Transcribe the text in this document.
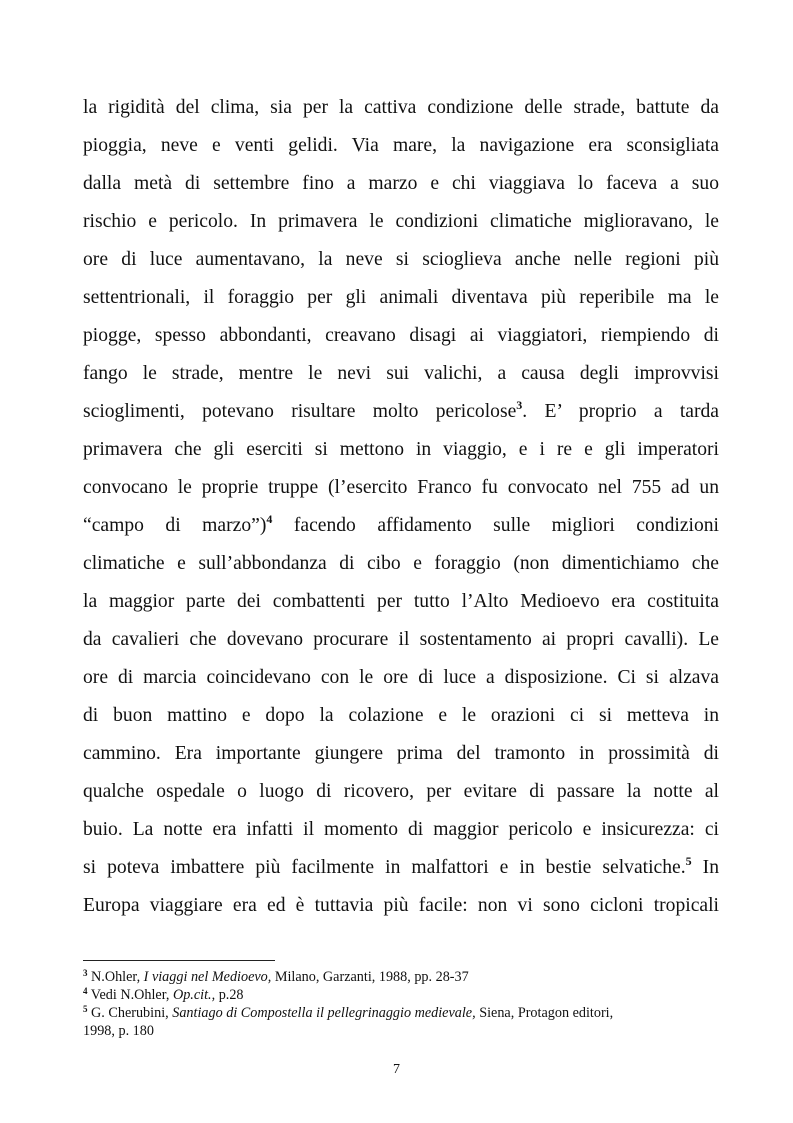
la rigidità del clima, sia per la cattiva condizione delle strade, battute da
pioggia, neve e venti gelidi. Via mare, la navigazione era sconsigliata
dalla metà di settembre fino a marzo e chi viaggiava lo faceva a suo
rischio e pericolo. In primavera le condizioni climatiche miglioravano, le
ore di luce aumentavano, la neve si scioglieva anche nelle regioni più
settentrionali, il foraggio per gli animali diventava più reperibile ma le
piogge, spesso abbondanti, creavano disagi ai viaggiatori, riempiendo di
fango le strade, mentre le nevi sui valichi, a causa degli improvvisi
scioglimenti, potevano risultare molto pericolose$^3$. E’ proprio a tarda
primavera che gli eserciti si mettono in viaggio, e i re e gli imperatori
convocano le proprie truppe (l’esercito Franco fu convocato nel 755 ad un
“campo di marzo”)$^4$ facendo affidamento sulle migliori condizioni
climatiche e sull’abbondanza di cibo e foraggio (non dimentichiamo che
la maggior parte dei combattenti per tutto l’Alto Medioevo era costituita
da cavalieri che dovevano procurare il sostentamento ai propri cavalli). Le
ore di marcia coincidevano con le ore di luce a disposizione. Ci si alzava
di buon mattino e dopo la colazione e le orazioni ci si metteva in
cammino. Era importante giungere prima del tramonto in prossimità di
qualche ospedale o luogo di ricovero, per evitare di passare la notte al
buio. La notte era infatti il momento di maggior pericolo e insicurezza: ci
si poteva imbattere più facilmente in malfattori e in bestie selvatiche.$^5$ In
Europa viaggiare era ed è tuttavia più facile: non vi sono cicloni tropicali
$^3$ N.Ohler, I viaggi nel Medioevo, Milano, Garzanti, 1988, pp. 28-37
$^4$ Vedi N.Ohler, Op.cit., p.28
$^5$ G. Cherubini, Santiago di Compostella il pellegrinaggio medievale, Siena, Protagon editori,
1998, p. 180
7
